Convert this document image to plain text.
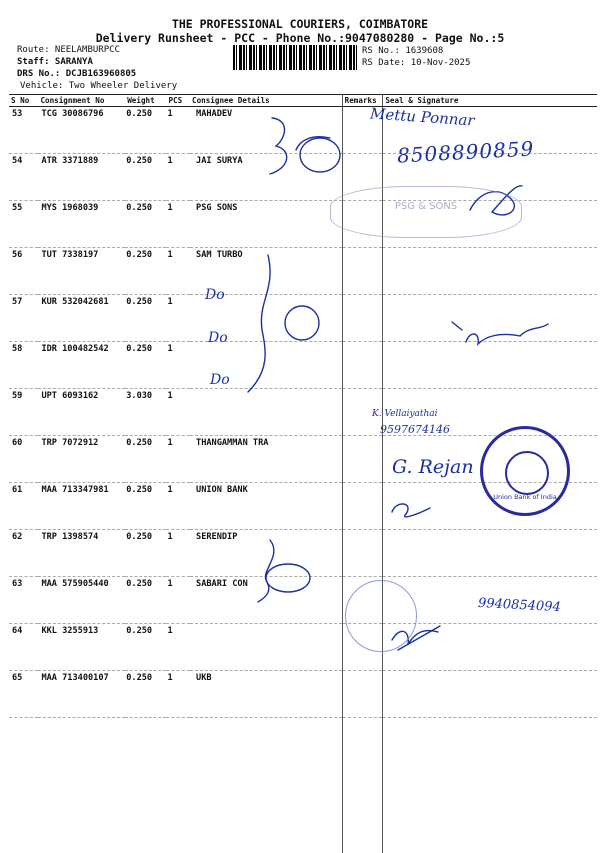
THE PROFESSIONAL COURIERS, COIMBATORE
Delivery Runsheet - PCC - Phone No.:9047080280 - Page No.:5
Route: NEELAMBURPCC
Staff: SARANYA
DRS No.: DCJB163960805
Vehicle: Two Wheeler Delivery
RS No.: 1639608
RS Date: 10-Nov-2025
S No	Consignment No	Weight	PCS	Consignee Details	Remarks	Seal & Signature
53	TCG 30086796	0.250	1	MAHADEV		
54	ATR 3371889	0.250	1	JAI SURYA		
55	MYS 1968039	0.250	1	PSG SONS		
56	TUT 7338197	0.250	1	SAM TURBO		
57	KUR 532042681	0.250	1			
58	IDR 100482542	0.250	1			
59	UPT 6093162	3.030	1			
60	TRP 7072912	0.250	1	THANGAMMAN TRA		
61	MAA 713347981	0.250	1	UNION BANK		
62	TRP 1398574	0.250	1	SERENDIP		
63	MAA 575905440	0.250	1	SABARI CON		
64	KKL 3255913	0.250	1			
65	MAA 713400107	0.250	1	UKB		

Mettu Ponnar
8508890859
Do
Do
Do
K. Vellaiyathai
9597674146
G. Rejan
9940854094
PSG & SONS
Union Bank of India
